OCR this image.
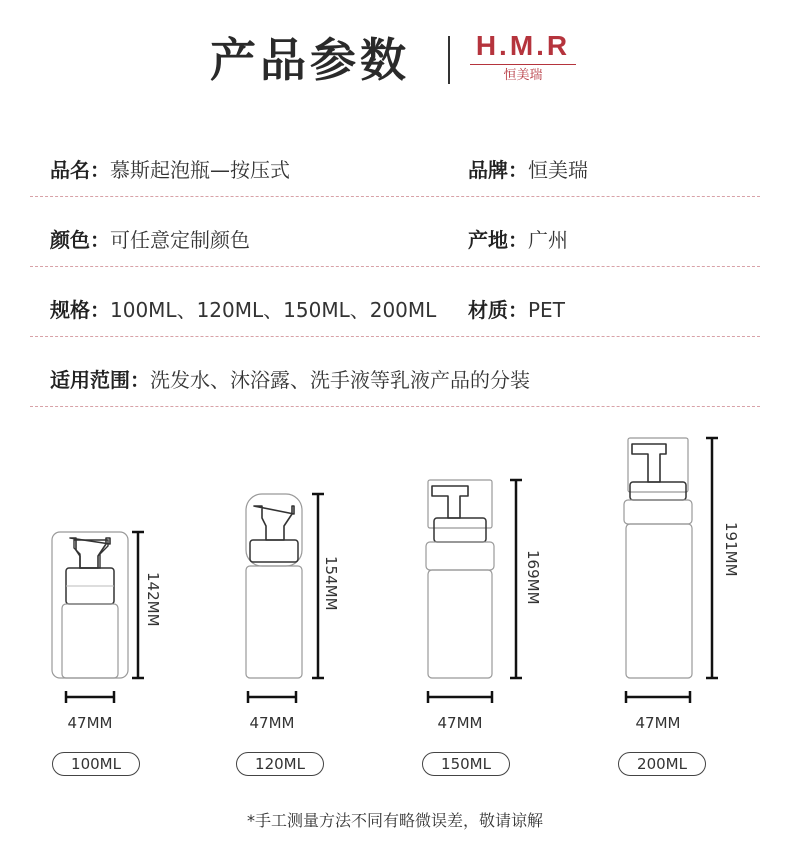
产品参数 H.M.R
恒美瑞
品名：慕斯起泡瓶—按压式	品牌：恒美瑞
颜色：可任意定制颜色	产地：广州
规格：100ML、120ML、150ML、200ML 材质：PET
适用范围：洗发水、沐浴露、洗手液等乳液产品的分装
142MM
47MM
100ML
154MM
47MM
120ML
169MM
47MM
150ML
191MM
47MM
200ML
*手工测量方法不同有略微误差，敬请谅解
